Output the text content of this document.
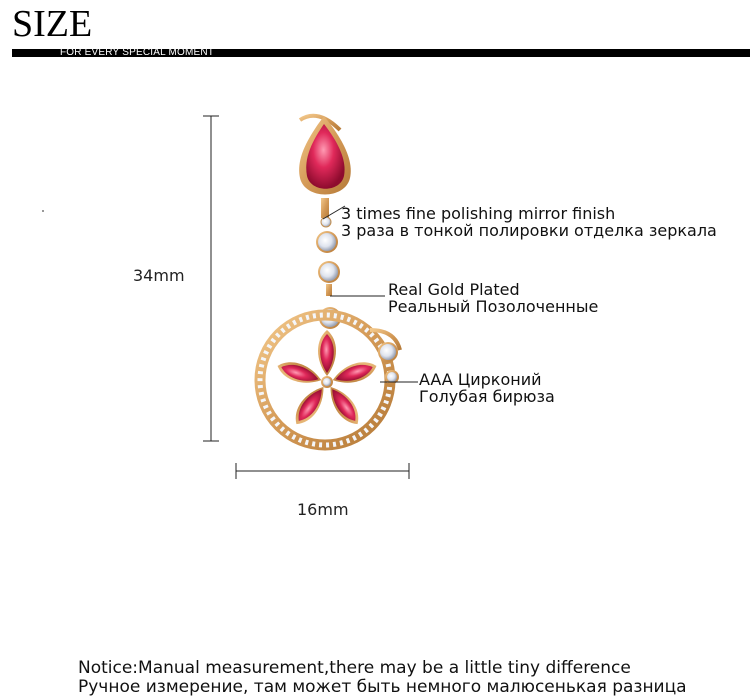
SIZE
FOR EVERY SPECIAL MOMENT
34mm
16mm
3 times fine polishing mirror finish
3 раза в тонкой полировки отделка зеркала
Real Gold Plated
Реальный Позолоченные
AAA Цирконий
Голубая бирюза
Notice:Manual measurement,there may be a little tiny difference
Ручное измерение, там может быть немного малюсенькая разница
